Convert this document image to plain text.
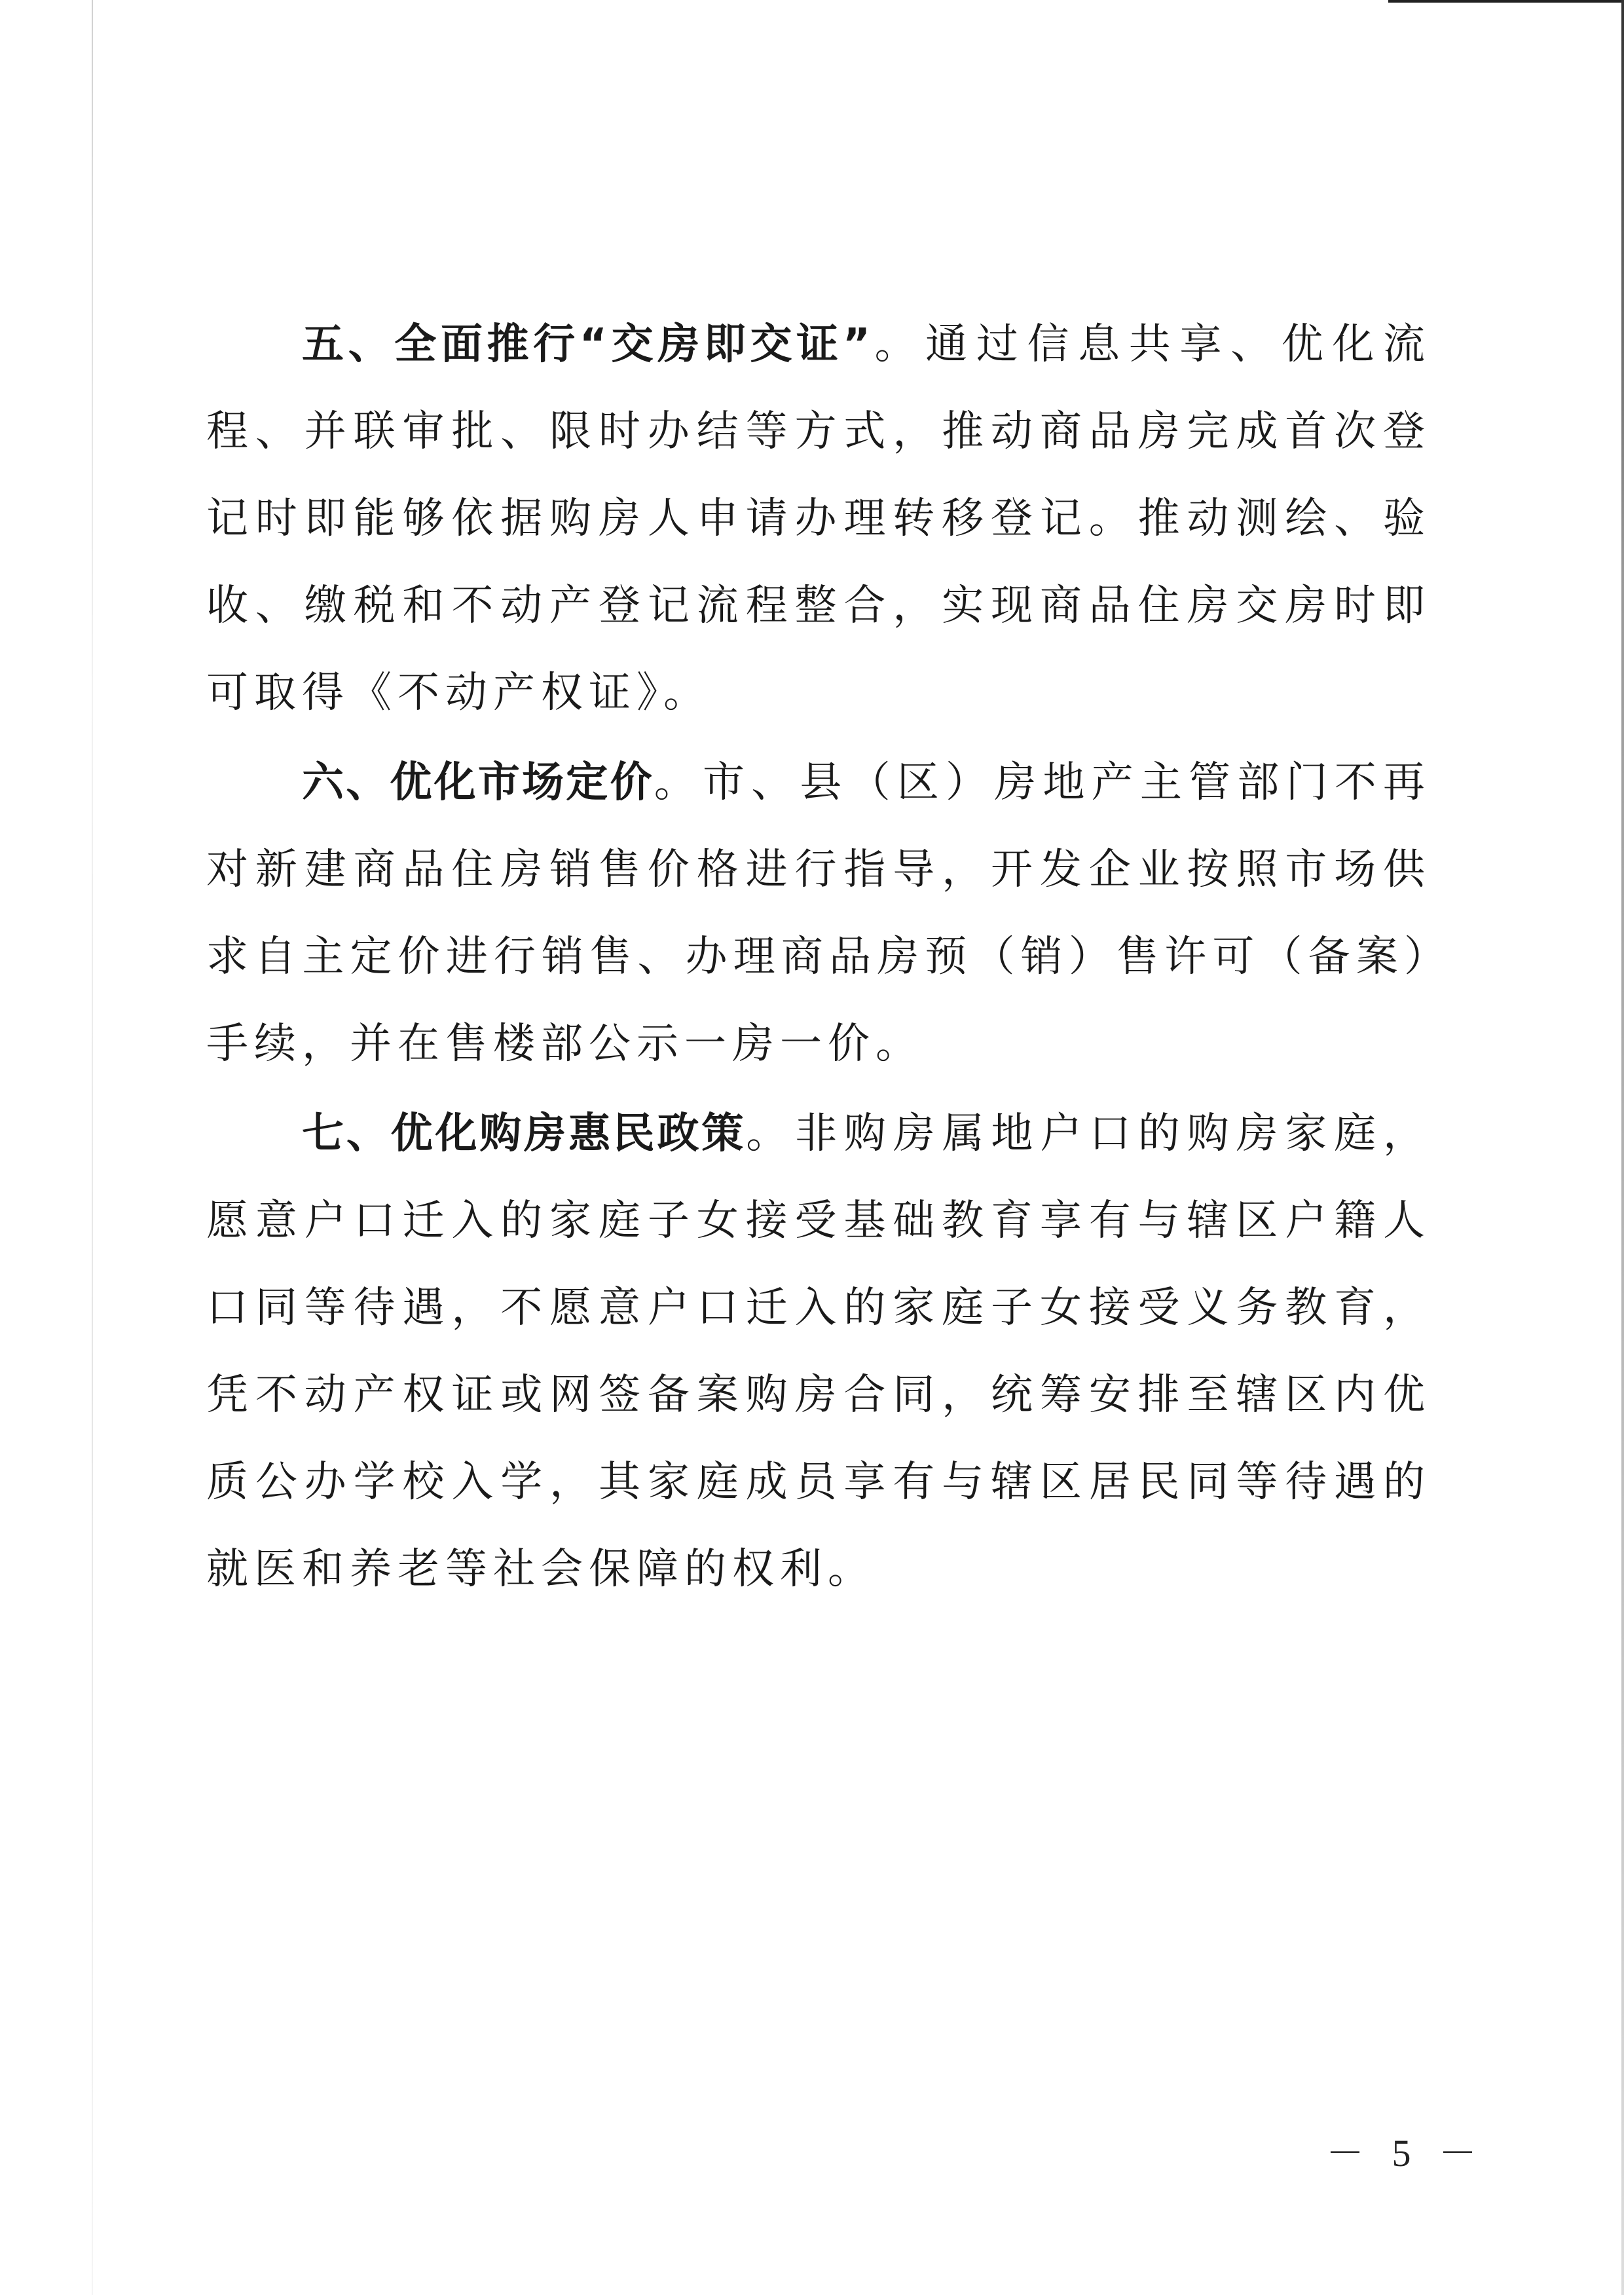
五、全面推行“交房即交证”。通过信息共享、优化流程、并联审批、限时办结等方式，推动商品房完成首次登记时即能够依据购房人申请办理转移登记。推动测绘、验收、缴税和不动产登记流程整合，实现商品住房交房时即可取得《不动产权证》。

六、优化市场定价。市、县（区）房地产主管部门不再对新建商品住房销售价格进行指导，开发企业按照市场供求自主定价进行销售、办理商品房预（销）售许可（备案）手续，并在售楼部公示一房一价。

七、优化购房惠民政策。非购房属地户口的购房家庭，愿意户口迁入的家庭子女接受基础教育享有与辖区户籍人口同等待遇，不愿意户口迁入的家庭子女接受义务教育，凭不动产权证或网签备案购房合同，统筹安排至辖区内优质公办学校入学，其家庭成员享有与辖区居民同等待遇的就医和养老等社会保障的权利。

－ 5 －
